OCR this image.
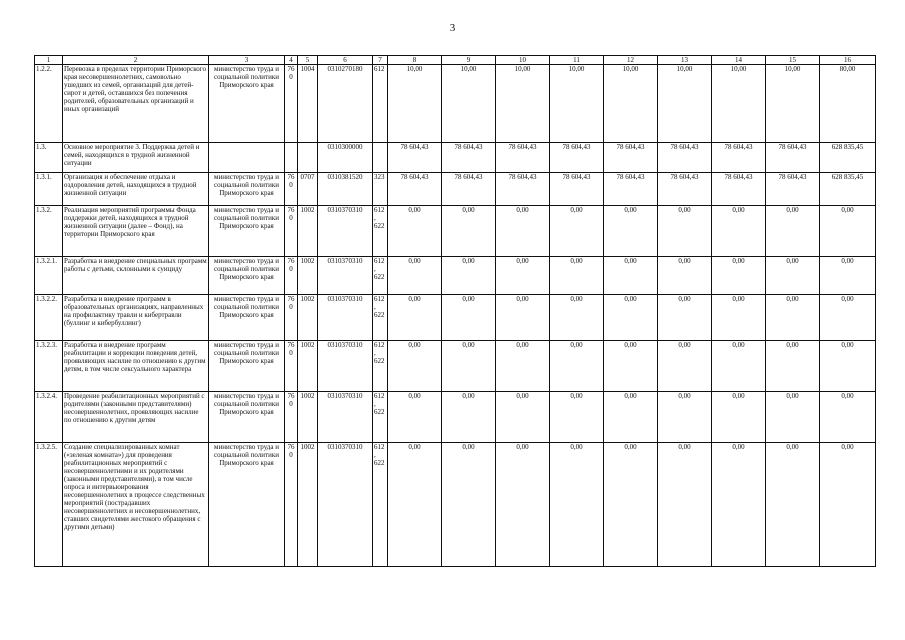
3
1	2	3	4	5	6	7	8	9	10	11	12	13	14	15	16
1.2.2.	Перевозка в пределах территории Приморского края несовершеннолетних, самовольно ушедших из семей, организаций для детей-сирот и детей, оставшихся без попечения родителей, образовательных организаций и иных организаций	министерство труда и социальной политики Приморского края	760	1004	0310270180	612	10,00	10,00	10,00	10,00	10,00	10,00	10,00	10,00	80,00
1.3.	Основное мероприятие 3. Поддержка детей и семей, находящихся в трудной жизненной ситуации				0310300000		78 604,43	78 604,43	78 604,43	78 604,43	78 604,43	78 604,43	78 604,43	78 604,43	628 835,45
1.3.1.	Организация и обеспечение отдыха и оздоровления детей, находящихся в трудной жизненной ситуации	министерство труда и социальной политики Приморского края	760	0707	0310381520	323	78 604,43	78 604,43	78 604,43	78 604,43	78 604,43	78 604,43	78 604,43	78 604,43	628 835,45
1.3.2.	Реализация мероприятий программы Фонда поддержки детей, находящихся в трудной жизненной ситуации (далее – Фонд), на территории Приморского края	министерство труда и социальной политики Приморского края	760	1002	0310370310	612, 622	0,00	0,00	0,00	0,00	0,00	0,00	0,00	0,00	0,00
1.3.2.1.	Разработка и внедрение специальных программ работы с детьми, склонными к суициду	министерство труда и социальной политики Приморского края	760	1002	0310370310	612, 622	0,00	0,00	0,00	0,00	0,00	0,00	0,00	0,00	0,00
1.3.2.2.	Разработка и внедрение программ в образовательных организациях, направленных на профилактику травли и кибертравли (буллинг и кибербуллинг)	министерство труда и социальной политики Приморского края	760	1002	0310370310	612, 622	0,00	0,00	0,00	0,00	0,00	0,00	0,00	0,00	0,00
1.3.2.3.	Разработка и внедрение программ реабилитации и коррекции поведения детей, проявляющих насилие по отношению к другим детям, в том числе сексуального характера	министерство труда и социальной политики Приморского края	760	1002	0310370310	612, 622	0,00	0,00	0,00	0,00	0,00	0,00	0,00	0,00	0,00
1.3.2.4.	Проведение реабилитационных мероприятий с родителями (законными представителями) несовершеннолетних, проявляющих насилие по отношению к другим детям	министерство труда и социальной политики Приморского края	760	1002	0310370310	612, 622	0,00	0,00	0,00	0,00	0,00	0,00	0,00	0,00	0,00
1.3.2.5.	Создание специализированных комнат («зеленая комната») для проведения реабилитационных мероприятий с несовершеннолетними и их родителями (законными представителями), в том числе опроса и интервьюирования несовершеннолетних в процессе следственных мероприятий (пострадавших несовершеннолетних и несовершеннолетних, ставших свидетелями жестокого обращения с другими детьми)	министерство труда и социальной политики Приморского края	760	1002	0310370310	612, 622	0,00	0,00	0,00	0,00	0,00	0,00	0,00	0,00	0,00
